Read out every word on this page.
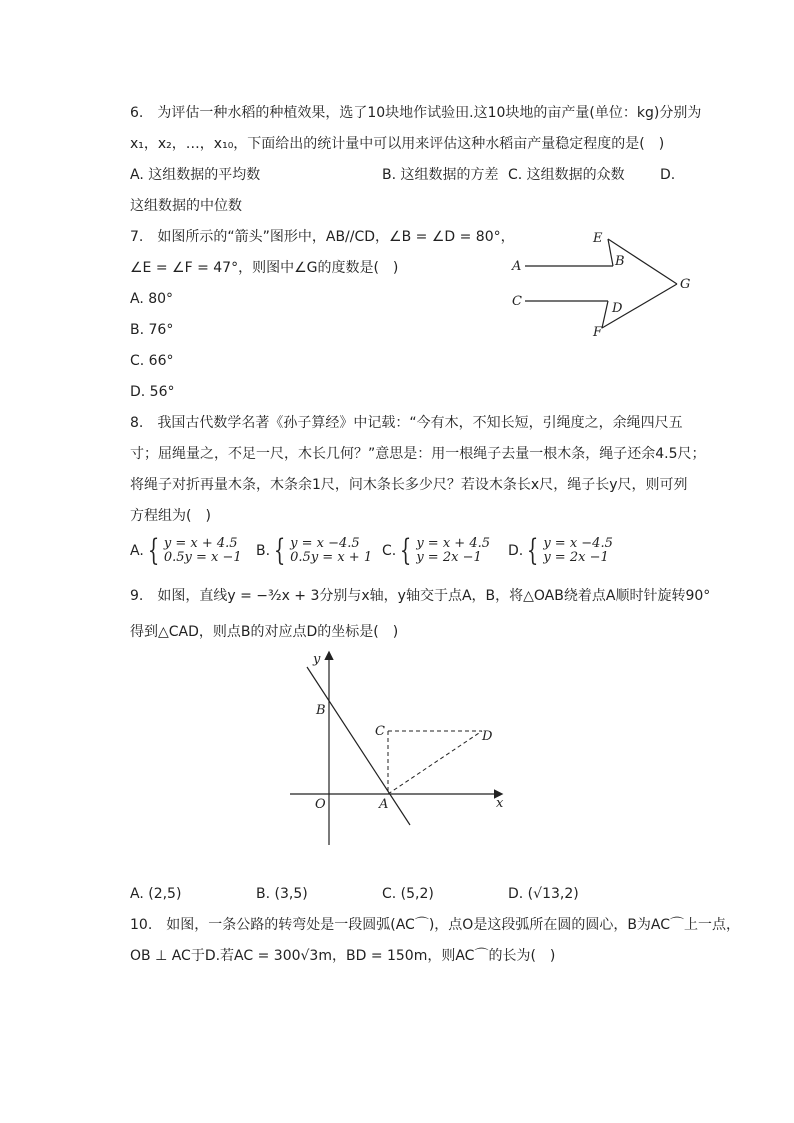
6.　为评估一种水稻的种植效果，选了10块地作试验田.这10块地的亩产量(单位：kg)分别为
x₁，x₂，…，x₁₀，下面给出的统计量中可以用来评估这种水稻亩产量稳定程度的是(　)
A. 这组数据的平均数	B. 这组数据的方差 C. 这组数据的众数	D.
这组数据的中位数
7.　如图所示的“箭头”图形中，AB//CD，∠B = ∠D = 80°，
∠E = ∠F = 47°，则图中∠G的度数是(　)
A. 80°
B. 76°
C. 66°
D. 56°
A	B
E
G
C	D
F
8.　我国古代数学名著《孙子算经》中记载：“今有木，不知长短，引绳度之，余绳四尺五
寸；屈绳量之，不足一尺，木长几何？”意思是：用一根绳子去量一根木条，绳子还余4.5尺；
将绳子对折再量木条，木条余1尺，问木条长多少尺？若设木条长x尺，绳子长y尺，则可列
方程组为(　)
A. { y = x + 4.5
0.5y = x −1 B. { y = x −4.5
0.5y = x + 1 C. { y = x + 4.5
y = 2x −1	D. { y = x −4.5
y = 2x −1
9.　如图，直线y = −³⁄₂x + 3分别与x轴，y轴交于点A，B，将△OAB绕着点A顺时针旋转90°
得到△CAD，则点B的对应点D的坐标是(　)
y
x
O	A
B
C	D
A. (2,5)	B. (3,5)	C. (5,2)	D. (√13,2)
10.　如图，一条公路的转弯处是一段圆弧(AC⌒)，点O是这段弧所在圆的圆心，B为AC⌒上一点，
OB ⊥ AC于D.若AC = 300√3m，BD = 150m，则AC⌒的长为(　)
